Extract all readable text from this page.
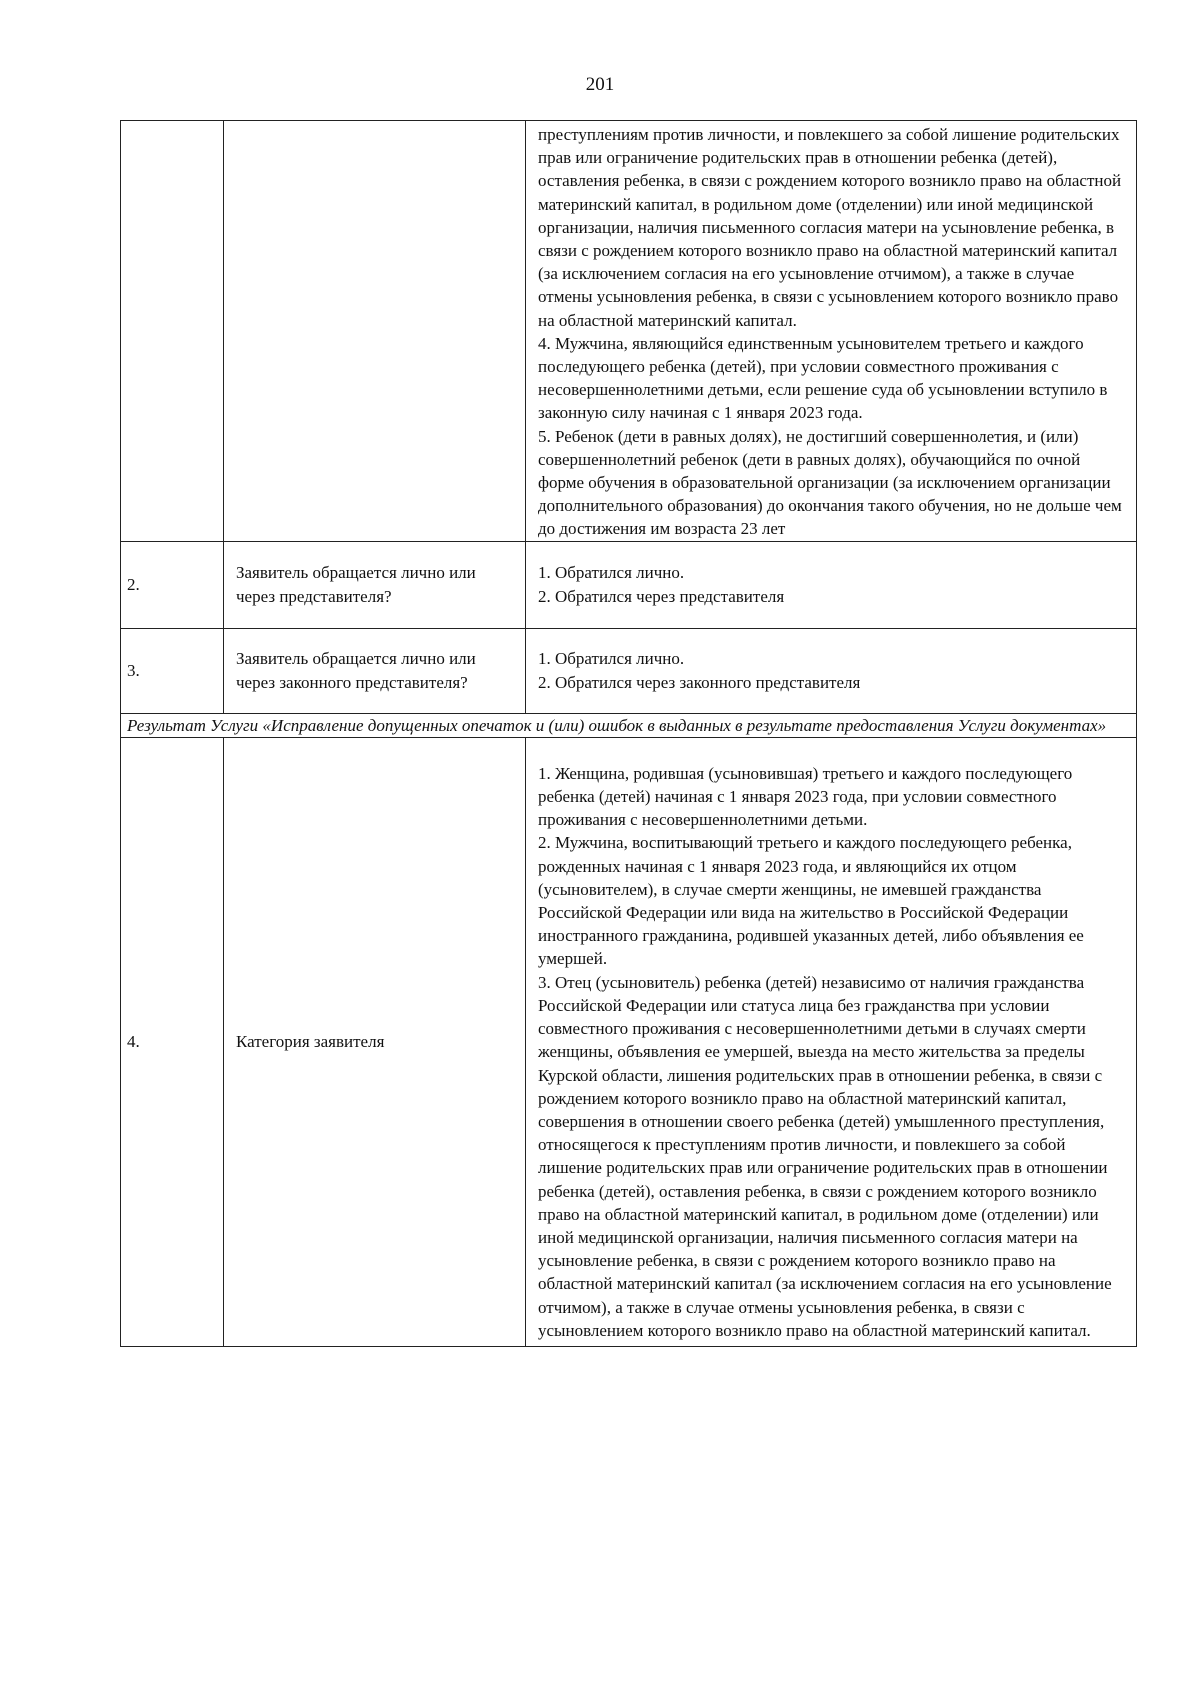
201

		преступлениям против личности, и повлекшего за собой лишение родительских прав или ограничение родительских прав в отношении ребенка (детей), оставления ребенка, в связи с рождением которого возникло право на областной материнский капитал, в родильном доме (отделении) или иной медицинской организации, наличия письменного согласия матери на усыновление ребенка, в связи с рождением которого возникло право на областной материнский капитал (за исключением согласия на его усыновление отчимом), а также в случае отмены усыновления ребенка, в связи с усыновлением которого возникло право на областной материнский капитал.
4. Мужчина, являющийся единственным усыновителем третьего и каждого последующего ребенка (детей), при условии совместного проживания с несовершеннолетними детьми, если решение суда об усыновлении вступило в законную силу начиная с 1 января 2023 года.
5. Ребенок (дети в равных долях), не достигший совершеннолетия, и (или) совершеннолетний ребенок (дети в равных долях), обучающийся по очной форме обучения в образовательной организации (за исключением организации дополнительного образования) до окончания такого обучения, но не дольше чем до достижения им возраста 23 лет

2.	Заявитель обращается лично или через представителя?	1. Обратился лично.
2. Обратился через представителя

3.	Заявитель обращается лично или через законного представителя?	1. Обратился лично.
2. Обратился через законного представителя

Результат Услуги «Исправление допущенных опечаток и (или) ошибок в выданных в результате предоставления Услуги документах»		
4.	Категория заявителя	1. Женщина, родившая (усыновившая) третьего и каждого последующего ребенка (детей) начиная с 1 января 2023 года, при условии совместного проживания с несовершеннолетними детьми.
2. Мужчина, воспитывающий третьего и каждого последующего ребенка, рожденных начиная с 1 января 2023 года, и являющийся их отцом (усыновителем), в случае смерти женщины, не имевшей гражданства Российской Федерации или вида на жительство в Российской Федерации иностранного гражданина, родившей указанных детей, либо объявления ее умершей.
3. Отец (усыновитель) ребенка (детей) независимо от наличия гражданства Российской Федерации или статуса лица без гражданства при условии совместного проживания с несовершеннолетними детьми в случаях смерти женщины, объявления ее умершей, выезда на место жительства за пределы Курской области, лишения родительских прав в отношении ребенка, в связи с рождением которого возникло право на областной материнский капитал, совершения в отношении своего ребенка (детей) умышленного преступления, относящегося к преступлениям против личности, и повлекшего за собой лишение родительских прав или ограничение родительских прав в отношении ребенка (детей), оставления ребенка, в связи с рождением которого возникло право на областной материнский капитал, в родильном доме (отделении) или иной медицинской организации, наличия письменного согласия матери на усыновление ребенка, в связи с рождением которого возникло право на областной материнский капитал (за исключением согласия на его усыновление отчимом), а также в случае отмены усыновления ребенка, в связи с усыновлением которого возникло право на областной материнский капитал.
